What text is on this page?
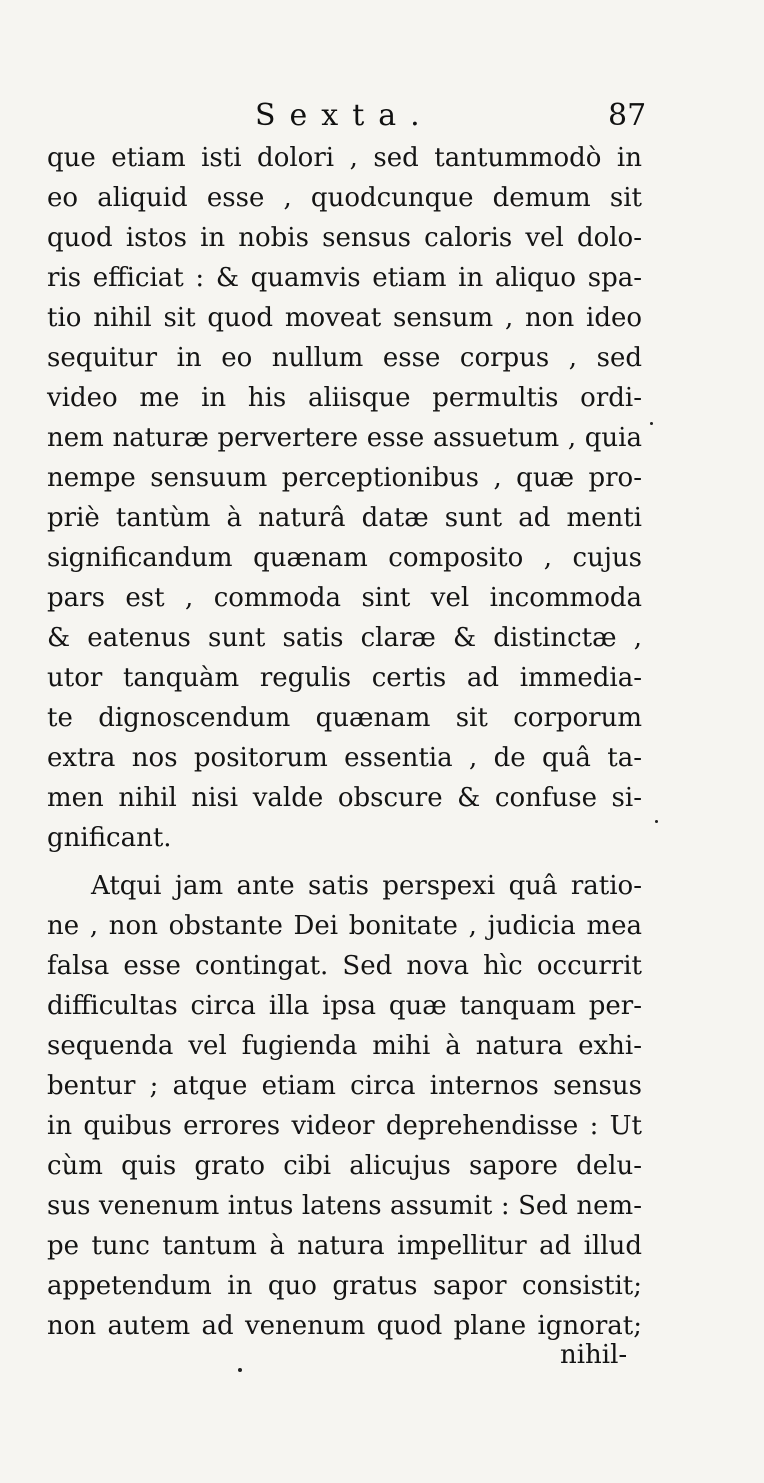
Sexta.	87
que etiam isti dolori , sed tantummodò in
eo aliquid esse , quodcunque demum sit
quod istos in nobis sensus caloris vel dolo-
ris efficiat : & quamvis etiam in aliquo spa-
tio nihil sit quod moveat sensum , non ideo
sequitur in eo nullum esse corpus , sed
video me in his aliisque permultis ordi-
nem naturæ pervertere esse assuetum , quia
nempe sensuum perceptionibus , quæ pro-
priè tantùm à naturâ datæ sunt ad menti
significandum quænam composito , cujus
pars est , commoda sint vel incommoda
& eatenus sunt satis claræ & distinctæ ,
utor tanquàm regulis certis ad immedia-
te dignoscendum quænam sit corporum
extra nos positorum essentia , de quâ ta-
men nihil nisi valde obscure & confuse si-
gnificant.
Atqui jam ante satis perspexi quâ ratio-
ne , non obstante Dei bonitate , judicia mea
falsa esse contingat. Sed nova hìc occurrit
difficultas circa illa ipsa quæ tanquam per-
sequenda vel fugienda mihi à natura exhi-
bentur ; atque etiam circa internos sensus
in quibus errores videor deprehendisse : Ut
cùm quis grato cibi alicujus sapore delu-
sus venenum intus latens assumit : Sed nem-
pe tunc tantum à natura impellitur ad illud
appetendum in quo gratus sapor consistit;
non autem ad venenum quod plane ignorat;
nihil-
